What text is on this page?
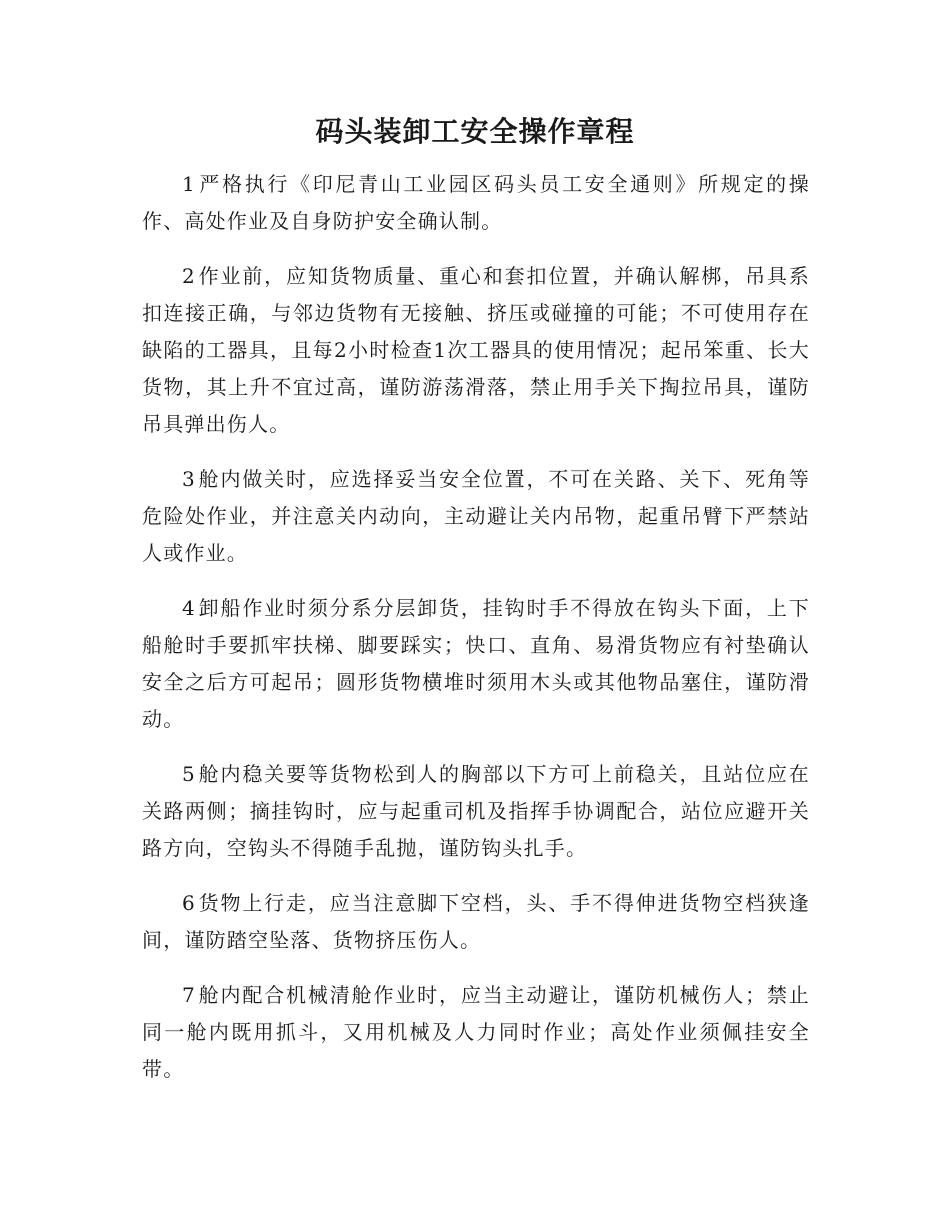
码头装卸工安全操作章程

1 严格执行《印尼青山工业园区码头员工安全通则》所规定的操作、高处作业及自身防护安全确认制。

2 作业前，应知货物质量、重心和套扣位置，并确认解梆，吊具系扣连接正确，与邻边货物有无接触、挤压或碰撞的可能；不可使用存在缺陷的工器具，且每2小时检查1次工器具的使用情况；起吊笨重、长大货物，其上升不宜过高，谨防游荡滑落，禁止用手关下掏拉吊具，谨防吊具弹出伤人。

3 舱内做关时，应选择妥当安全位置，不可在关路、关下、死角等危险处作业，并注意关内动向，主动避让关内吊物，起重吊臂下严禁站人或作业。

4 卸船作业时须分系分层卸货，挂钩时手不得放在钩头下面，上下船舱时手要抓牢扶梯、脚要踩实；快口、直角、易滑货物应有衬垫确认安全之后方可起吊；圆形货物横堆时须用木头或其他物品塞住，谨防滑动。

5 舱内稳关要等货物松到人的胸部以下方可上前稳关，且站位应在关路两侧；摘挂钩时，应与起重司机及指挥手协调配合，站位应避开关路方向，空钩头不得随手乱抛，谨防钩头扎手。

6 货物上行走，应当注意脚下空档，头、手不得伸进货物空档狭逢间，谨防踏空坠落、货物挤压伤人。

7 舱内配合机械清舱作业时，应当主动避让，谨防机械伤人；禁止同一舱内既用抓斗，又用机械及人力同时作业；高处作业须佩挂安全带。
